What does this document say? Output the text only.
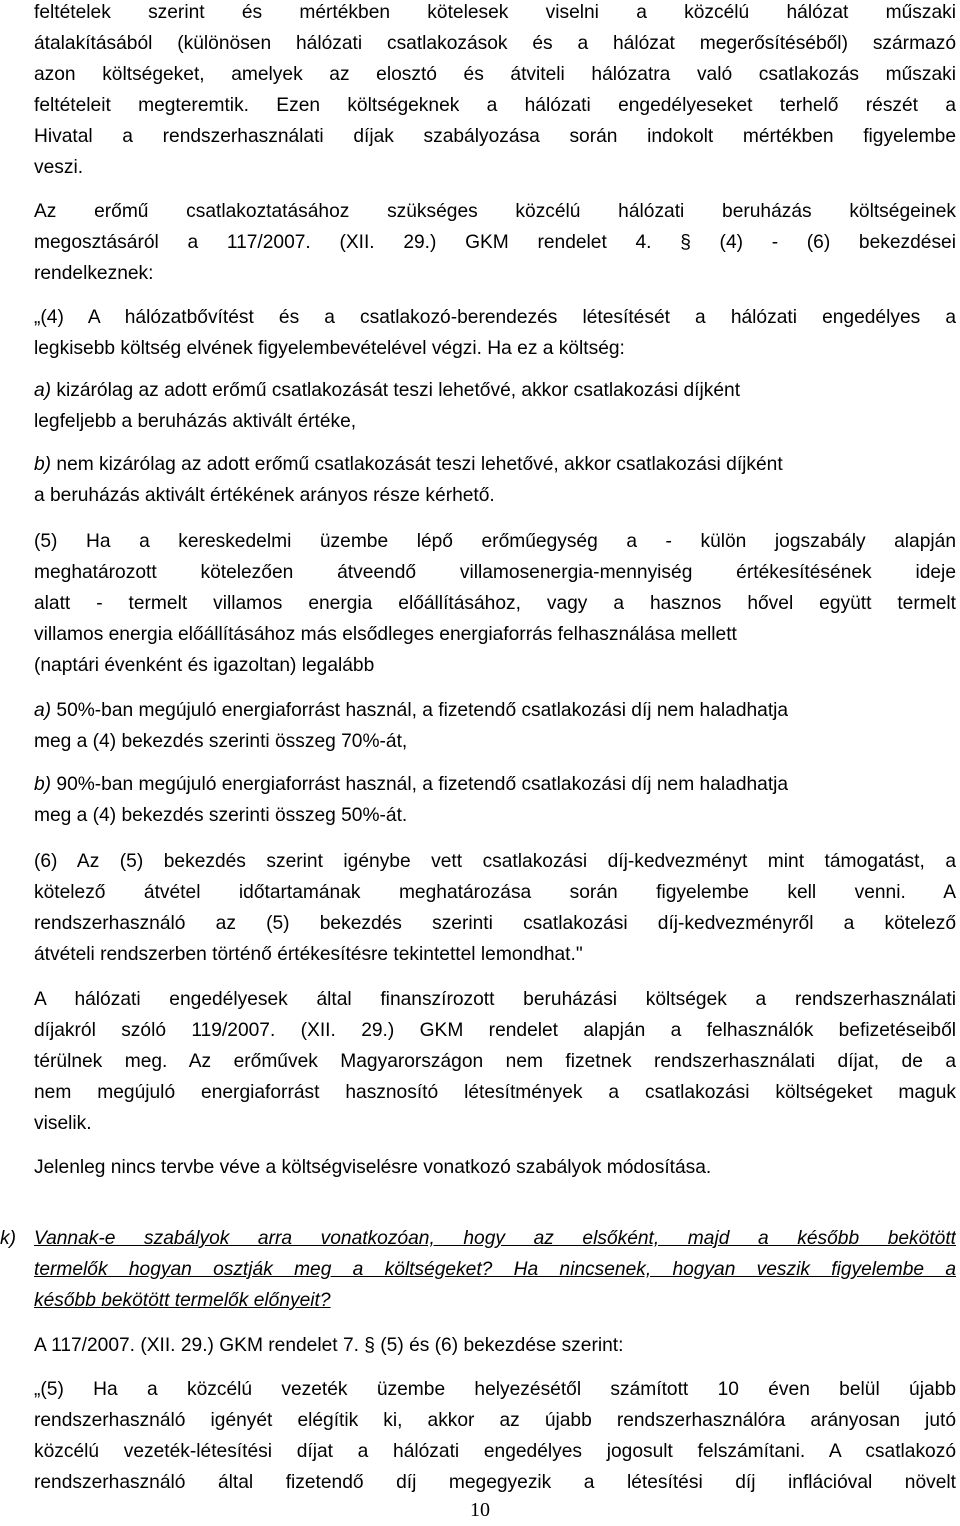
feltételek szerint és mértékben kötelesek viselni a közcélú hálózat műszaki
átalakításából (különösen hálózati csatlakozások és a hálózat megerősítéséből) származó
azon költségeket, amelyek az elosztó és átviteli hálózatra való csatlakozás műszaki
feltételeit megteremtik. Ezen költségeknek a hálózati engedélyeseket terhelő részét a
Hivatal a rendszerhasználati díjak szabályozása során indokolt mértékben figyelembe
veszi.
Az erőmű csatlakoztatásához szükséges közcélú hálózati beruházás költségeinek
megosztásáról a 117/2007. (XII. 29.) GKM rendelet 4. § (4) - (6) bekezdései
rendelkeznek:
„(4) A hálózatbővítést és a csatlakozó-berendezés létesítését a hálózati engedélyes a
legkisebb költség elvének figyelembevételével végzi. Ha ez a költség:
a) kizárólag az adott erőmű csatlakozását teszi lehetővé, akkor csatlakozási díjként
legfeljebb a beruházás aktivált értéke,
b) nem kizárólag az adott erőmű csatlakozását teszi lehetővé, akkor csatlakozási díjként
a beruházás aktivált értékének arányos része kérhető.
(5) Ha a kereskedelmi üzembe lépő erőműegység a - külön jogszabály alapján
meghatározott kötelezően átveendő villamosenergia-mennyiség értékesítésének ideje
alatt - termelt villamos energia előállításához, vagy a hasznos hővel együtt termelt
villamos energia előállításához más elsődleges energiaforrás felhasználása mellett
(naptári évenként és igazoltan) legalább
a) 50%-ban megújuló energiaforrást használ, a fizetendő csatlakozási díj nem haladhatja
meg a (4) bekezdés szerinti összeg 70%-át,
b) 90%-ban megújuló energiaforrást használ, a fizetendő csatlakozási díj nem haladhatja
meg a (4) bekezdés szerinti összeg 50%-át.
(6) Az (5) bekezdés szerint igénybe vett csatlakozási díj-kedvezményt mint támogatást, a
kötelező átvétel időtartamának meghatározása során figyelembe kell venni. A
rendszerhasználó az (5) bekezdés szerinti csatlakozási díj-kedvezményről a kötelező
átvételi rendszerben történő értékesítésre tekintettel lemondhat."
A hálózati engedélyesek által finanszírozott beruházási költségek a rendszerhasználati
díjakról szóló 119/2007. (XII. 29.) GKM rendelet alapján a felhasználók befizetéseiből
térülnek meg. Az erőművek Magyarországon nem fizetnek rendszerhasználati díjat, de a
nem megújuló energiaforrást hasznosító létesítmények a csatlakozási költségeket maguk
viselik.
Jelenleg nincs tervbe véve a költségviselésre vonatkozó szabályok módosítása.
k) Vannak-e szabályok arra vonatkozóan, hogy az elsőként, majd a később bekötött
termelők hogyan osztják meg a költségeket? Ha nincsenek, hogyan veszik figyelembe a
később bekötött termelők előnyeit?
A 117/2007. (XII. 29.) GKM rendelet 7. § (5) és (6) bekezdése szerint:
„(5) Ha a közcélú vezeték üzembe helyezésétől számított 10 éven belül újabb
rendszerhasználó igényét elégítik ki, akkor az újabb rendszerhasználóra arányosan jutó
közcélú vezeték-létesítési díjat a hálózati engedélyes jogosult felszámítani. A csatlakozó
rendszerhasználó által fizetendő díj megegyezik a létesítési díj inflációval növelt
10
